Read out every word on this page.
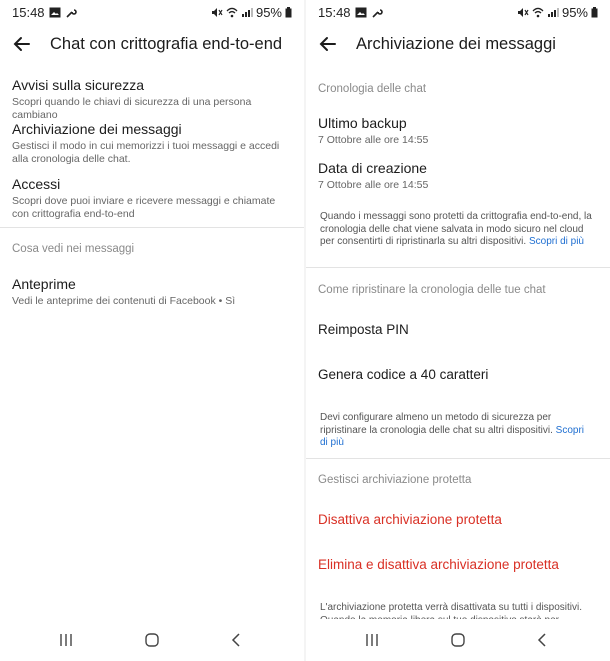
15:48	95%
Chat con crittografia end-to-end
Avvisi sulla sicurezza
Scopri quando le chiavi di sicurezza di una persona cambiano
Archiviazione dei messaggi
Gestisci il modo in cui memorizzi i tuoi messaggi e accedi alla cronologia delle chat.
Accessi
Scopri dove puoi inviare e ricevere messaggi e chiamate con crittografia end-to-end
Cosa vedi nei messaggi
Anteprime
Vedi le anteprime dei contenuti di Facebook • Sì
15:48	95%
Archiviazione dei messaggi
Cronologia delle chat
Ultimo backup
7 Ottobre alle ore 14:55
Data di creazione
7 Ottobre alle ore 14:55
Quando i messaggi sono protetti da crittografia end-to-end, la cronologia delle chat viene salvata in modo sicuro nel cloud per consentirti di ripristinarla su altri dispositivi. Scopri di più
Come ripristinare la cronologia delle tue chat
Reimposta PIN
Genera codice a 40 caratteri
Devi configurare almeno un metodo di sicurezza per ripristinare la cronologia delle chat su altri dispositivi. Scopri di più
Gestisci archiviazione protetta
Disattiva archiviazione protetta
Elimina e disattiva archiviazione protetta
L'archiviazione protetta verrà disattivata su tutti i dispositivi.
